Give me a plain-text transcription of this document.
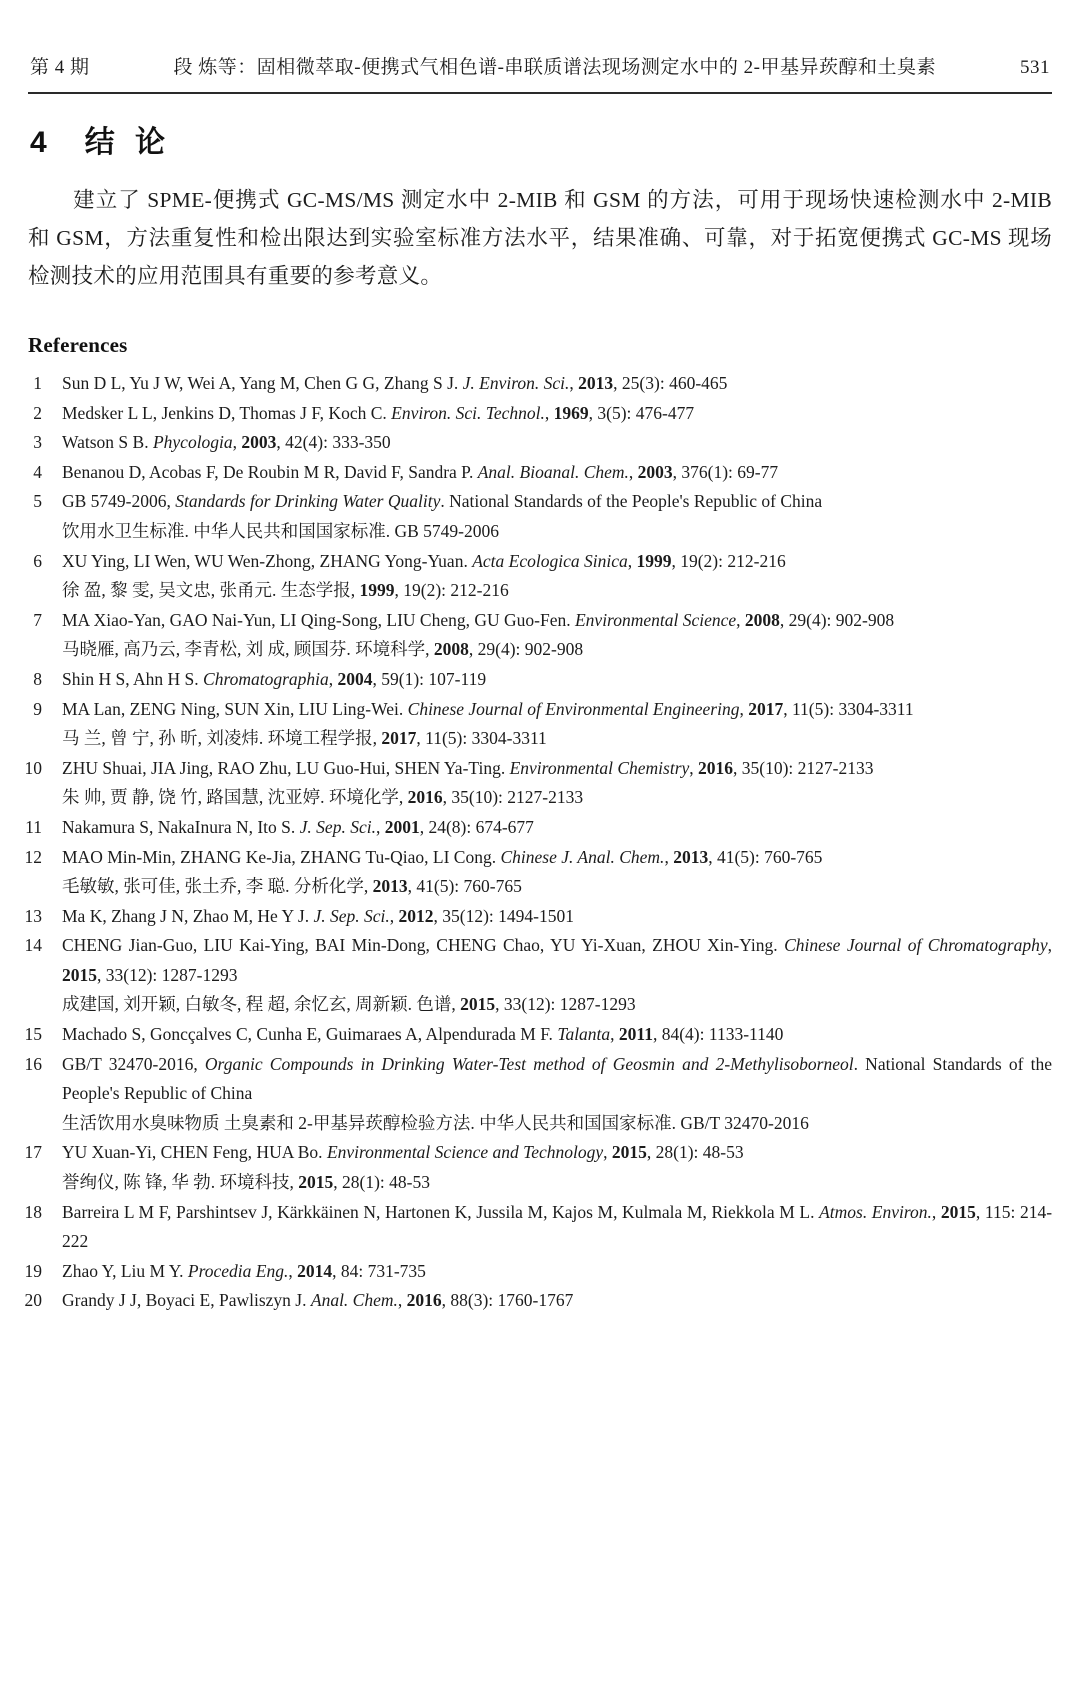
第 4 期	段 炼等：固相微萃取-便携式气相色谱-串联质谱法现场测定水中的 2-甲基异莰醇和土臭素	531
4 结 论

建立了 SPME-便携式 GC-MS/MS 测定水中 2-MIB 和 GSM 的方法，可用于现场快速检测水中 2-MIB 和 GSM，方法重复性和检出限达到实验室标准方法水平，结果准确、可靠，对于拓宽便携式 GC-MS 现场检测技术的应用范围具有重要的参考意义。

References
1 Sun D L, Yu J W, Wei A, Yang M, Chen G G, Zhang S J. J. Environ. Sci., 2013, 25(3): 460-465
2 Medsker L L, Jenkins D, Thomas J F, Koch C. Environ. Sci. Technol., 1969, 3(5): 476-477
3 Watson S B. Phycologia, 2003, 42(4): 333-350
4 Benanou D, Acobas F, De Roubin M R, David F, Sandra P. Anal. Bioanal. Chem., 2003, 376(1): 69-77
5 GB 5749-2006, Standards for Drinking Water Quality. National Standards of the People's Republic of China
饮用水卫生标准. 中华人民共和国国家标准. GB 5749-2006
6 XU Ying, LI Wen, WU Wen-Zhong, ZHANG Yong-Yuan. Acta Ecologica Sinica, 1999, 19(2): 212-216
徐 盈, 黎 雯, 吴文忠, 张甬元. 生态学报, 1999, 19(2): 212-216
7 MA Xiao-Yan, GAO Nai-Yun, LI Qing-Song, LIU Cheng, GU Guo-Fen. Environmental Science, 2008, 29(4): 902-908
马晓雁, 高乃云, 李青松, 刘 成, 顾国芬. 环境科学, 2008, 29(4): 902-908
8 Shin H S, Ahn H S. Chromatographia, 2004, 59(1): 107-119
9 MA Lan, ZENG Ning, SUN Xin, LIU Ling-Wei. Chinese Journal of Environmental Engineering, 2017, 11(5): 3304-3311
马 兰, 曾 宁, 孙 昕, 刘凌炜. 环境工程学报, 2017, 11(5): 3304-3311
10 ZHU Shuai, JIA Jing, RAO Zhu, LU Guo-Hui, SHEN Ya-Ting. Environmental Chemistry, 2016, 35(10): 2127-2133
朱 帅, 贾 静, 饶 竹, 路国慧, 沈亚婷. 环境化学, 2016, 35(10): 2127-2133
11 Nakamura S, NakaInura N, Ito S. J. Sep. Sci., 2001, 24(8): 674-677
12 MAO Min-Min, ZHANG Ke-Jia, ZHANG Tu-Qiao, LI Cong. Chinese J. Anal. Chem., 2013, 41(5): 760-765
毛敏敏, 张可佳, 张土乔, 李 聪. 分析化学, 2013, 41(5): 760-765
13 Ma K, Zhang J N, Zhao M, He Y J. J. Sep. Sci., 2012, 35(12): 1494-1501
14 CHENG Jian-Guo, LIU Kai-Ying, BAI Min-Dong, CHENG Chao, YU Yi-Xuan, ZHOU Xin-Ying. Chinese Journal of Chromatography, 2015, 33(12): 1287-1293
成建国, 刘开颖, 白敏冬, 程 超, 余忆玄, 周新颖. 色谱, 2015, 33(12): 1287-1293
15 Machado S, Goncçalves C, Cunha E, Guimaraes A, Alpendurada M F. Talanta, 2011, 84(4): 1133-1140
16 GB/T 32470-2016, Organic Compounds in Drinking Water-Test method of Geosmin and 2-Methylisoborneol. National Standards of the People's Republic of China
生活饮用水臭味物质 土臭素和 2-甲基异莰醇检验方法. 中华人民共和国国家标准. GB/T 32470-2016
17 YU Xuan-Yi, CHEN Feng, HUA Bo. Environmental Science and Technology, 2015, 28(1): 48-53
誉绚仪, 陈 锋, 华 勃. 环境科技, 2015, 28(1): 48-53
18 Barreira L M F, Parshintsev J, Kärkkäinen N, Hartonen K, Jussila M, Kajos M, Kulmala M, Riekkola M L. Atmos. Environ., 2015, 115: 214-222
19 Zhao Y, Liu M Y. Procedia Eng., 2014, 84: 731-735
20 Grandy J J, Boyaci E, Pawliszyn J. Anal. Chem., 2016, 88(3): 1760-1767
